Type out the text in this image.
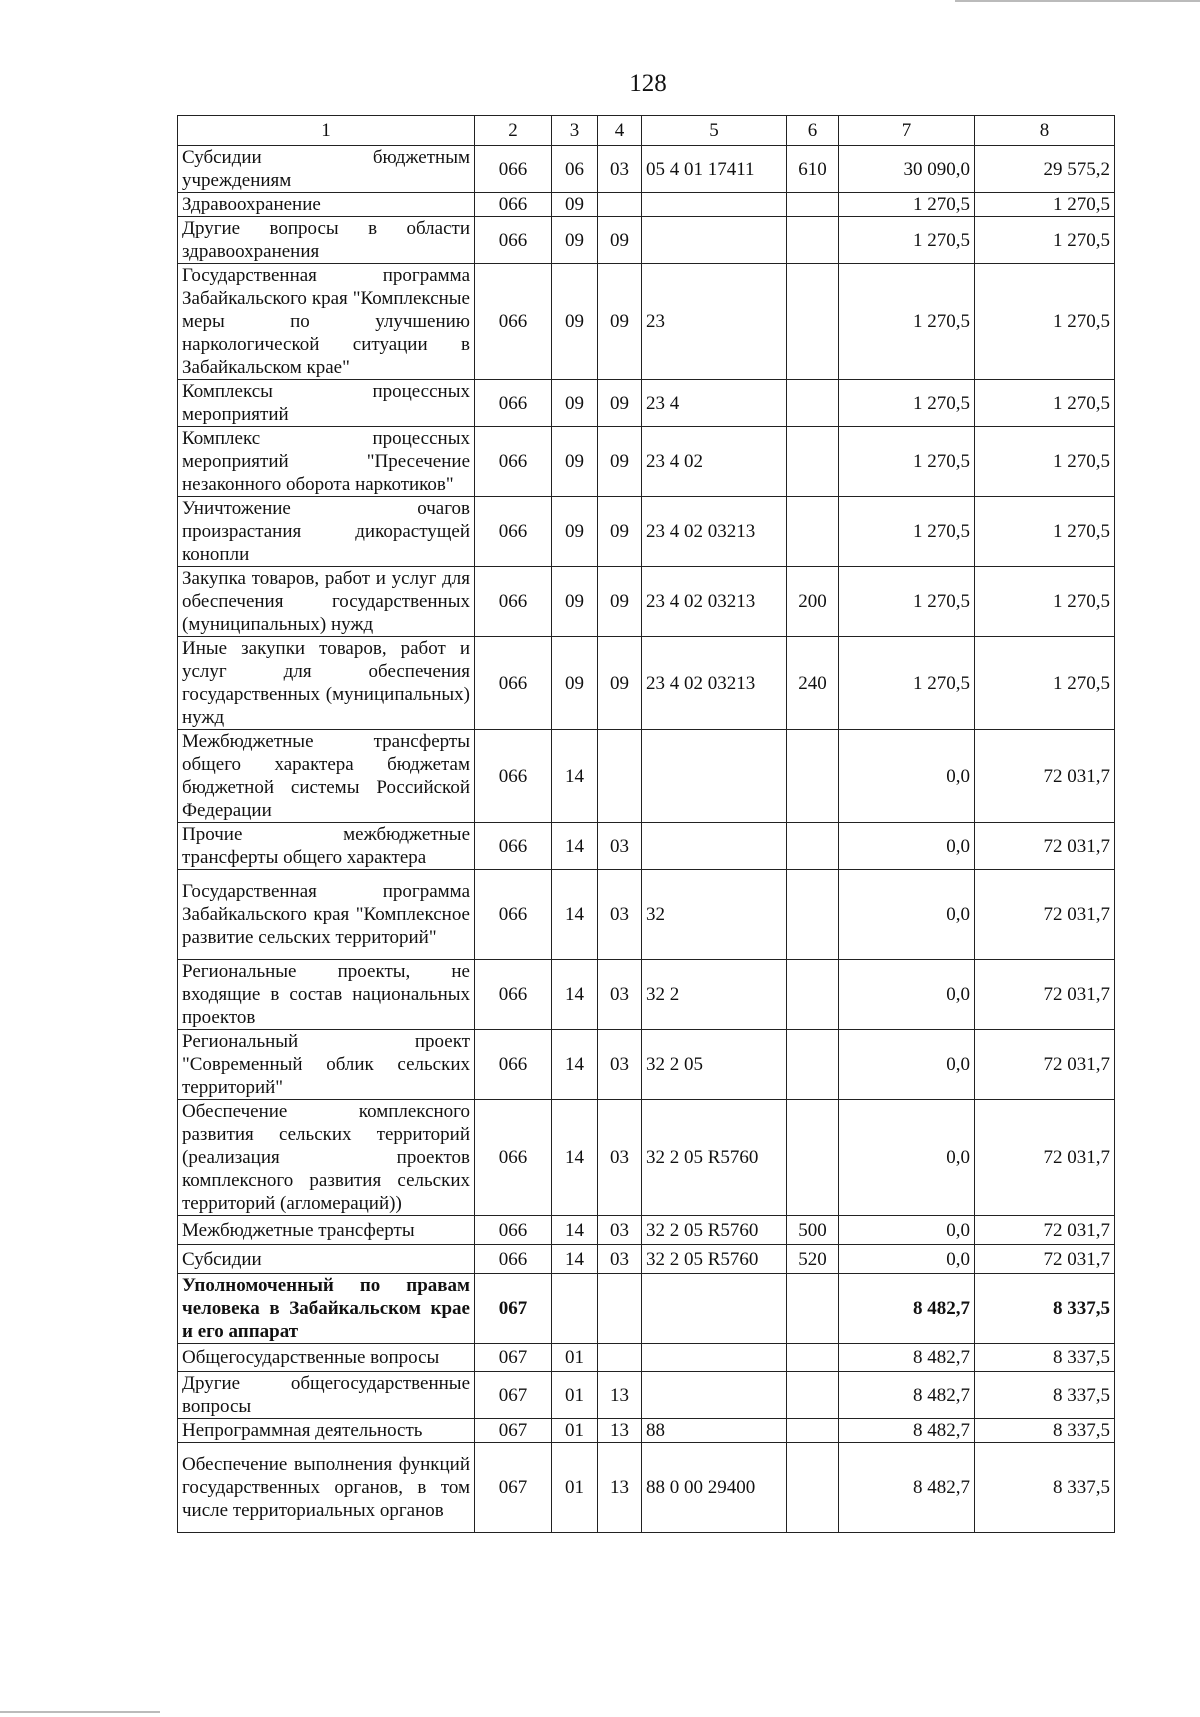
128
1	2	3	4	5	6	7	8
Субсидии бюджетным учреждениям	066	06	03	05 4 01 17411	610	30 090,0	29 575,2
Здравоохранение	066	09				1 270,5	1 270,5
Другие вопросы в области здравоохранения	066	09	09			1 270,5	1 270,5
Государственная программа Забайкальского края "Комплексные меры по улучшению наркологической ситуации в Забайкальском крае"	066	09	09	23		1 270,5	1 270,5
Комплексы процессных мероприятий	066	09	09	23 4		1 270,5	1 270,5
Комплекс процессных мероприятий "Пресечение незаконного оборота наркотиков"	066	09	09	23 4 02		1 270,5	1 270,5
Уничтожение очагов произрастания дикорастущей конопли	066	09	09	23 4 02 03213		1 270,5	1 270,5
Закупка товаров, работ и услуг для обеспечения государственных (муниципальных) нужд	066	09	09	23 4 02 03213	200	1 270,5	1 270,5
Иные закупки товаров, работ и услуг для обеспечения государственных (муниципальных) нужд	066	09	09	23 4 02 03213	240	1 270,5	1 270,5
Межбюджетные трансферты общего характера бюджетам бюджетной системы Российской Федерации	066	14				0,0	72 031,7
Прочие межбюджетные трансферты общего характера	066	14	03			0,0	72 031,7
Государственная программа Забайкальского края "Комплексное развитие сельских территорий"	066	14	03	32		0,0	72 031,7
Региональные проекты, не входящие в состав национальных проектов	066	14	03	32 2		0,0	72 031,7
Региональный проект "Современный облик сельских территорий"	066	14	03	32 2 05		0,0	72 031,7
Обеспечение комплексного развития сельских территорий (реализация проектов комплексного развития сельских территорий (агломераций))	066	14	03	32 2 05 R5760		0,0	72 031,7
Межбюджетные трансферты	066	14	03	32 2 05 R5760	500	0,0	72 031,7
Субсидии	066	14	03	32 2 05 R5760	520	0,0	72 031,7
Уполномоченный по правам человека в Забайкальском крае и его аппарат	067					8 482,7	8 337,5
Общегосударственные вопросы	067	01				8 482,7	8 337,5
Другие общегосударственные вопросы	067	01	13			8 482,7	8 337,5
Непрограммная деятельность	067	01	13	88		8 482,7	8 337,5
Обеспечение выполнения функций государственных органов, в том числе территориальных органов	067	01	13	88 0 00 29400		8 482,7	8 337,5
